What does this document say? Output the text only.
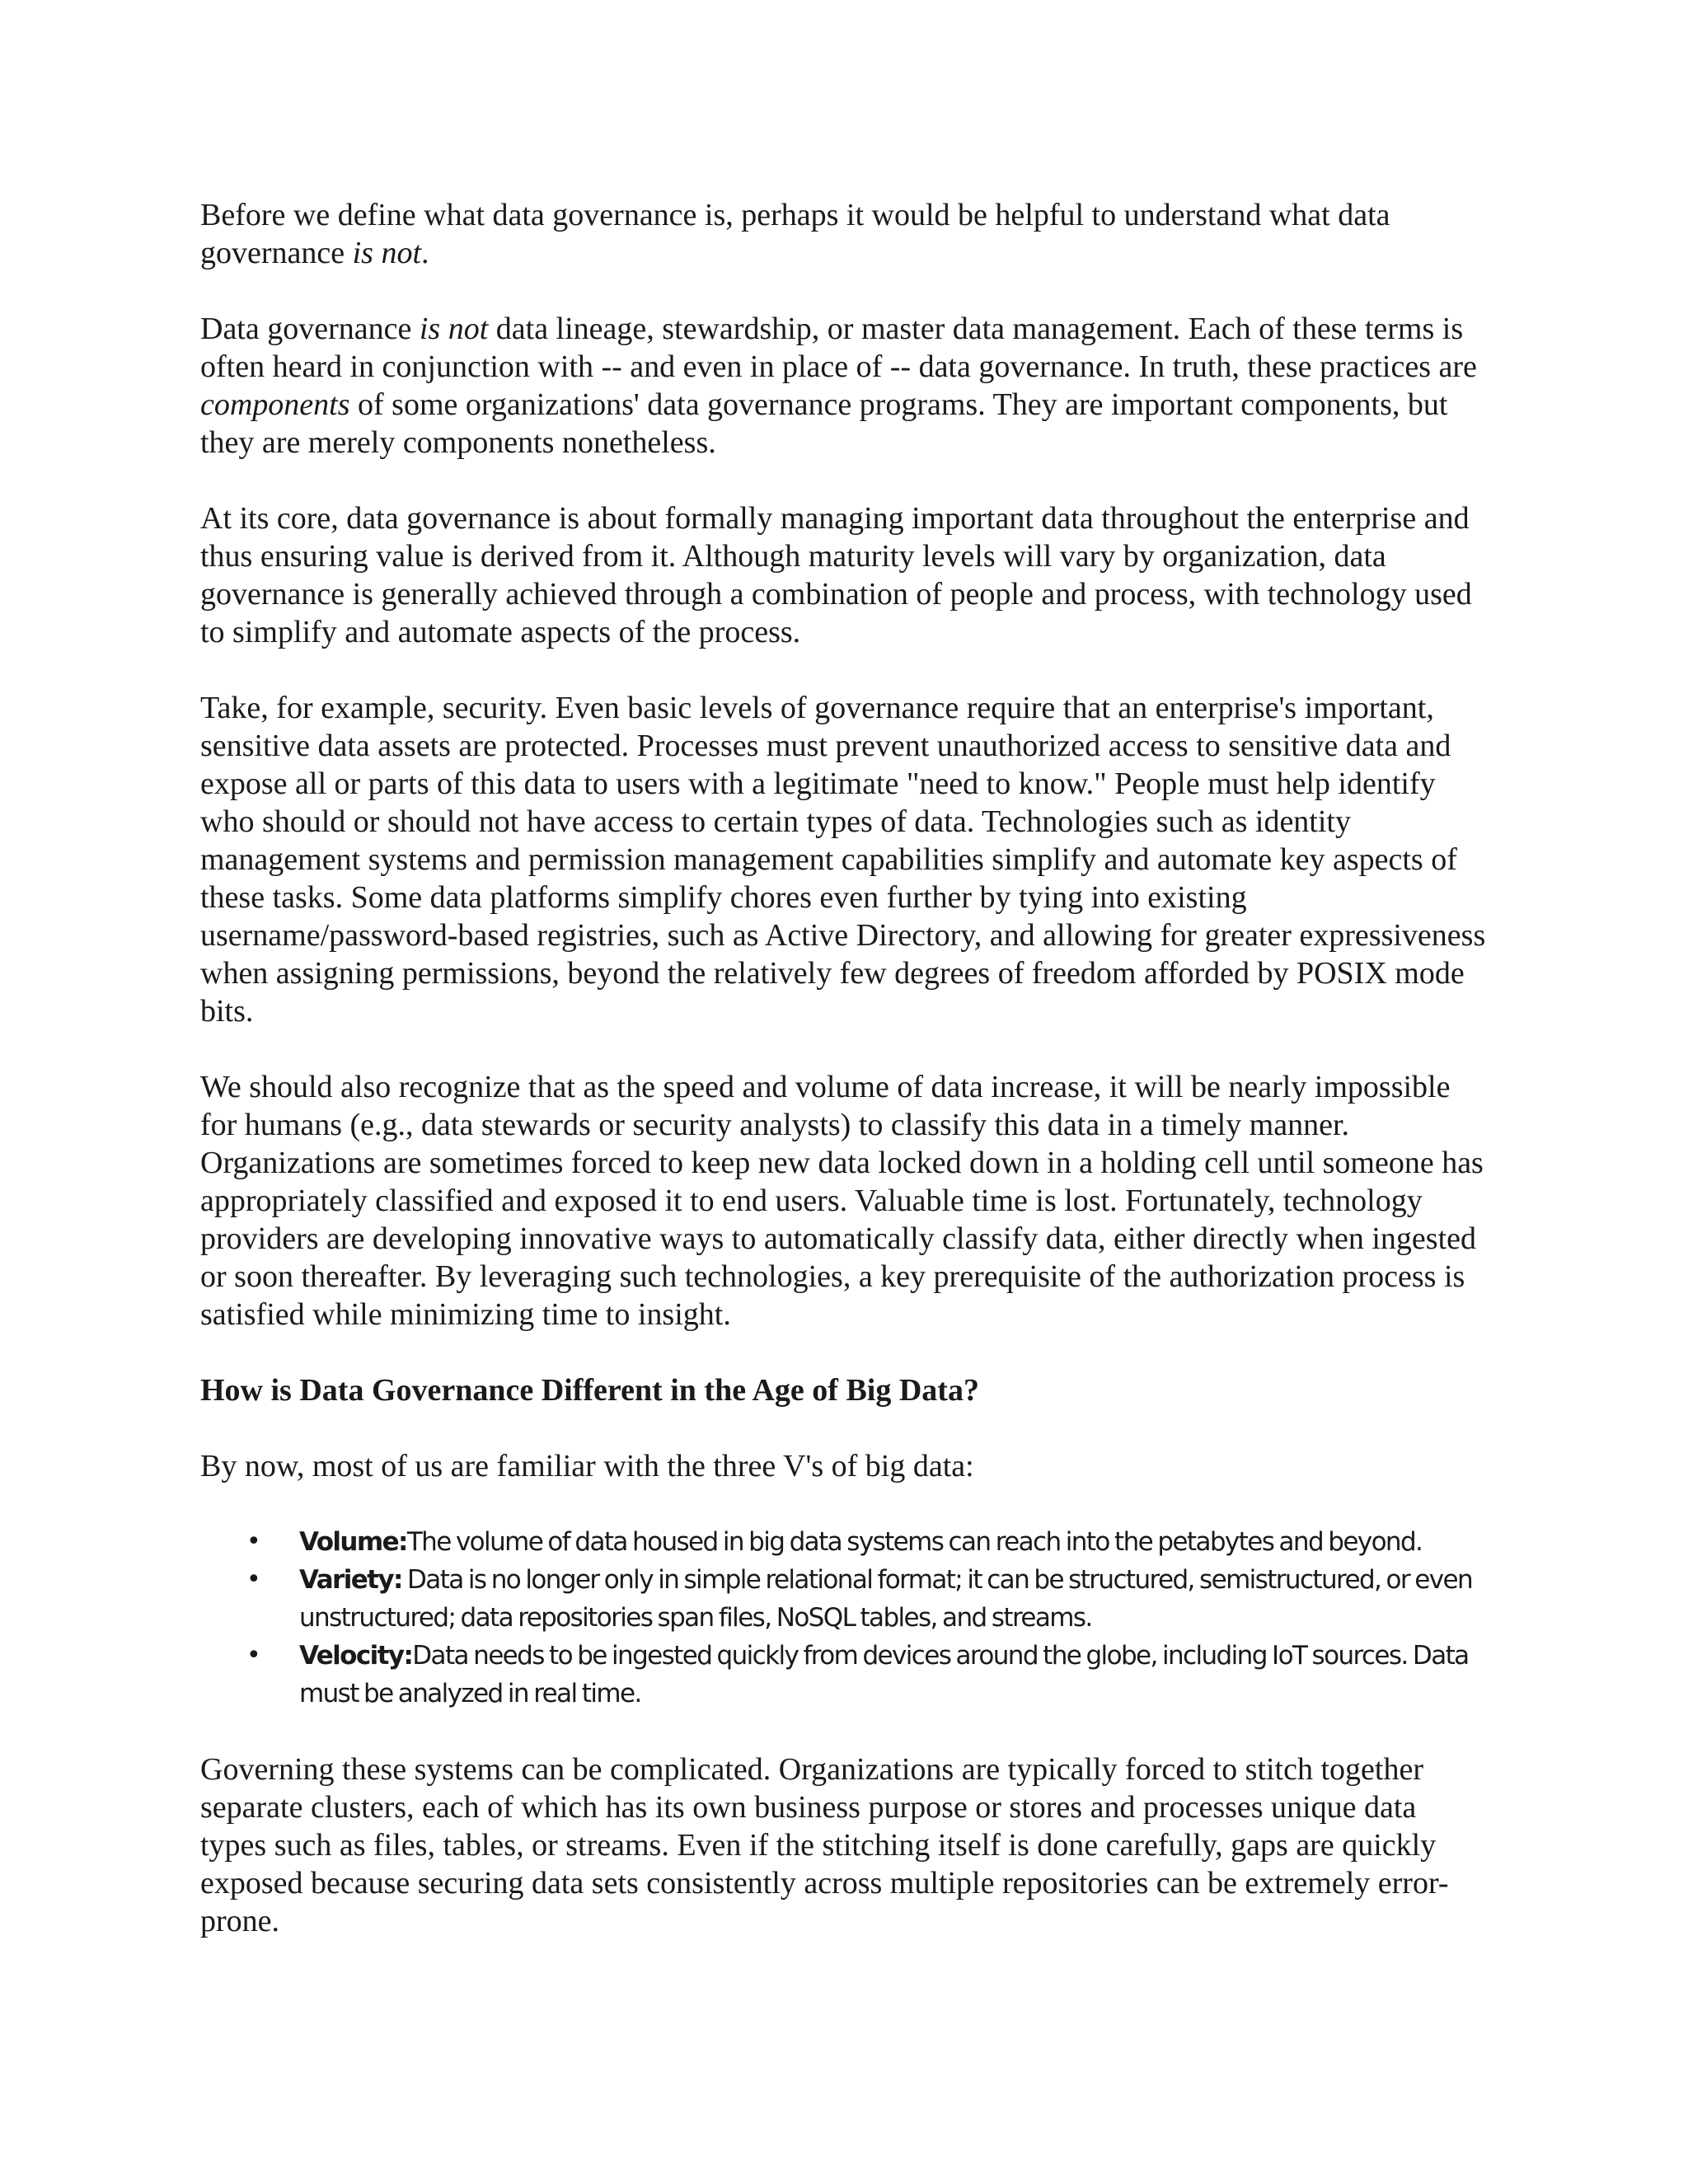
Before we define what data governance is, perhaps it would be helpful to understand what data governance is not.

Data governance is not data lineage, stewardship, or master data management. Each of these terms is often heard in conjunction with -- and even in place of -- data governance. In truth, these practices are components of some organizations' data governance programs. They are important components, but they are merely components nonetheless.

At its core, data governance is about formally managing important data throughout the enterprise and thus ensuring value is derived from it. Although maturity levels will vary by organization, data governance is generally achieved through a combination of people and process, with technology used to simplify and automate aspects of the process.

Take, for example, security. Even basic levels of governance require that an enterprise's important, sensitive data assets are protected. Processes must prevent unauthorized access to sensitive data and expose all or parts of this data to users with a legitimate "need to know." People must help identify who should or should not have access to certain types of data. Technologies such as identity management systems and permission management capabilities simplify and automate key aspects of these tasks. Some data platforms simplify chores even further by tying into existing username/password-based registries, such as Active Directory, and allowing for greater expressiveness when assigning permissions, beyond the relatively few degrees of freedom afforded by POSIX mode bits.

We should also recognize that as the speed and volume of data increase, it will be nearly impossible for humans (e.g., data stewards or security analysts) to classify this data in a timely manner. Organizations are sometimes forced to keep new data locked down in a holding cell until someone has appropriately classified and exposed it to end users. Valuable time is lost. Fortunately, technology providers are developing innovative ways to automatically classify data, either directly when ingested or soon thereafter. By leveraging such technologies, a key prerequisite of the authorization process is satisfied while minimizing time to insight.

How is Data Governance Different in the Age of Big Data?

By now, most of us are familiar with the three V's of big data:

• Volume:The volume of data housed in big data systems can reach into the petabytes and beyond.
• Variety: Data is no longer only in simple relational format; it can be structured, semistructured, or even unstructured; data repositories span files, NoSQL tables, and streams.
• Velocity:Data needs to be ingested quickly from devices around the globe, including IoT sources. Data must be analyzed in real time.

Governing these systems can be complicated. Organizations are typically forced to stitch together separate clusters, each of which has its own business purpose or stores and processes unique data types such as files, tables, or streams. Even if the stitching itself is done carefully, gaps are quickly exposed because securing data sets consistently across multiple repositories can be extremely error-prone.
